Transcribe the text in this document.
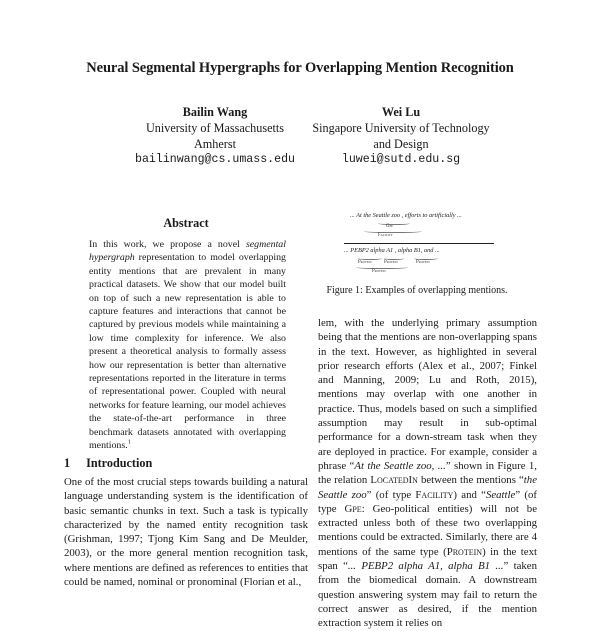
Neural Segmental Hypergraphs for Overlapping Mention Recognition
Bailin Wang
University of Massachusetts
Amherst
bailinwang@cs.umass.edu
Wei Lu
Singapore University of Technology
and Design
luwei@sutd.edu.sg
Abstract
In this work, we propose a novel segmental hypergraph representation to model overlapping entity mentions that are prevalent in many practical datasets. We show that our model built on top of such a new representation is able to capture features and interactions that cannot be captured by previous models while maintaining a low time complexity for inference. We also present a theoretical analysis to formally assess how our representation is better than alternative representations reported in the literature in terms of representational power. Coupled with neural networks for feature learning, our model achieves the state-of-the-art performance in three benchmark datasets annotated with overlapping mentions.$^1$
1 Introduction
One of the most crucial steps towards building a natural language understanding system is the identification of basic semantic chunks in text. Such a task is typically characterized by the named entity recognition task (Grishman, 1997; Tjong Kim Sang and De Meulder, 2003), or the more general mention recognition task, where mentions are defined as references to entities that could be named, nominal or pronominal (Florian et al.,
... At the Seattle zoo , efforts to artificially ...
Gpe
Facility
... PEBP2 alpha A1 , alpha B1, and ...
Protein	Protein	Protein
Protein
Figure 1: Examples of overlapping mentions.
lem, with the underlying primary assumption being that the mentions are non-overlapping spans in the text. However, as highlighted in several prior research efforts (Alex et al., 2007; Finkel and Manning, 2009; Lu and Roth, 2015), mentions may overlap with one another in practice. Thus, models based on such a simplified assumption may result in sub-optimal performance for a down-stream task when they are deployed in practice. For example, consider a phrase “At the Seattle zoo, ...” shown in Figure 1, the relation LocatedIn between the mentions “the Seattle zoo” (of type Facility) and “Seattle” (of type Gpe: Geo-political entities) will not be extracted unless both of these two overlapping mentions could be extracted. Similarly, there are 4 mentions of the same type (Protein) in the text span “... PEBP2 alpha A1, alpha B1 ...” taken from the biomedical domain. A downstream question answering system may fail to return the correct answer as desired, if the mention extraction system it relies on
